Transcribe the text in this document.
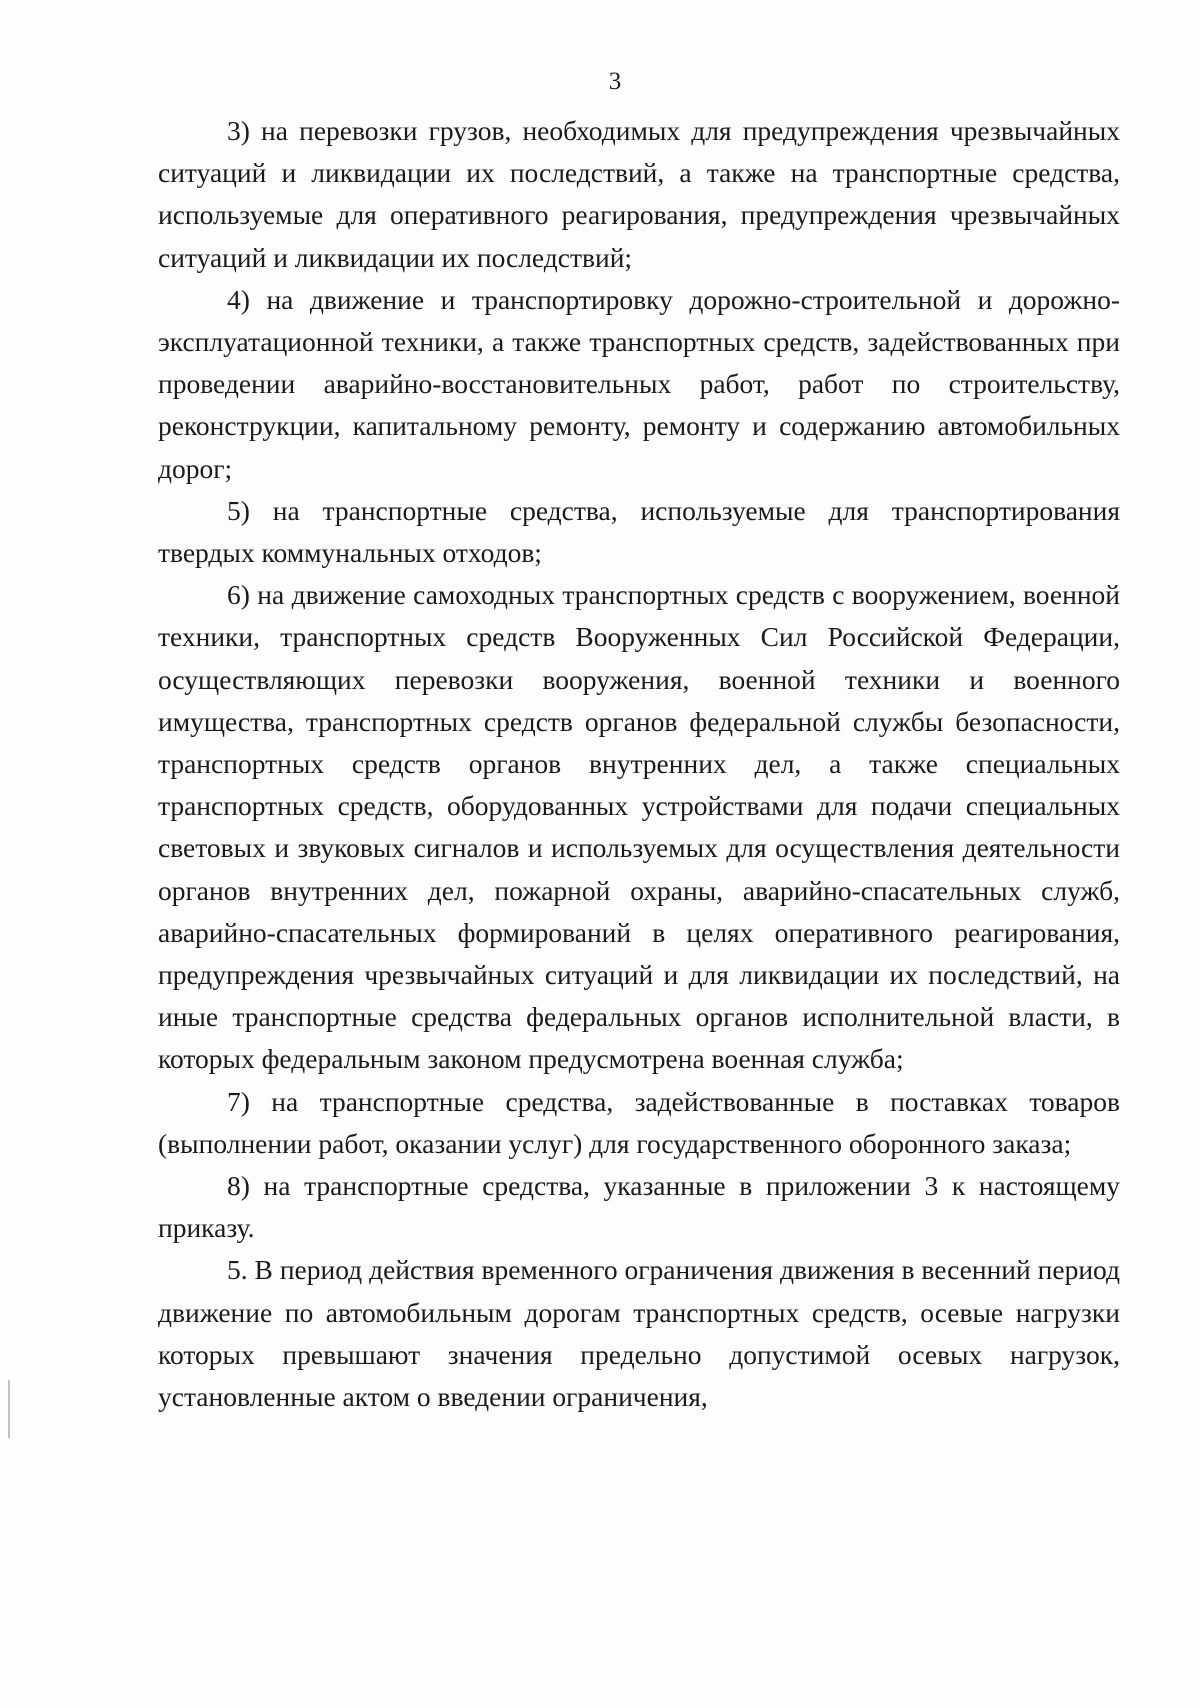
3

3) на перевозки грузов, необходимых для предупреждения чрезвычайных ситуаций и ликвидации их последствий, а также на транспортные средства, используемые для оперативного реагирования, предупреждения чрезвычайных ситуаций и ликвидации их последствий;

4) на движение и транспортировку дорожно-строительной и дорожно-эксплуатационной техники, а также транспортных средств, задействованных при проведении аварийно-восстановительных работ, работ по строительству, реконструкции, капитальному ремонту, ремонту и содержанию автомобильных дорог;

5) на транспортные средства, используемые для транспортирования твердых коммунальных отходов;

6) на движение самоходных транспортных средств с вооружением, военной техники, транспортных средств Вооруженных Сил Российской Федерации, осуществляющих перевозки вооружения, военной техники и военного имущества, транспортных средств органов федеральной службы безопасности, транспортных средств органов внутренних дел, а также специальных транспортных средств, оборудованных устройствами для подачи специальных световых и звуковых сигналов и используемых для осуществления деятельности органов внутренних дел, пожарной охраны, аварийно-спасательных служб, аварийно-спасательных формирований в целях оперативного реагирования, предупреждения чрезвычайных ситуаций и для ликвидации их последствий, на иные транспортные средства федеральных органов исполнительной власти, в которых федеральным законом предусмотрена военная служба;

7) на транспортные средства, задействованные в поставках товаров (выполнении работ, оказании услуг) для государственного оборонного заказа;

8) на транспортные средства, указанные в приложении 3 к настоящему приказу.

5. В период действия временного ограничения движения в весенний период движение по автомобильным дорогам транспортных средств, осевые нагрузки которых превышают значения предельно допустимой осевых нагрузок, установленные актом о введении ограничения,
